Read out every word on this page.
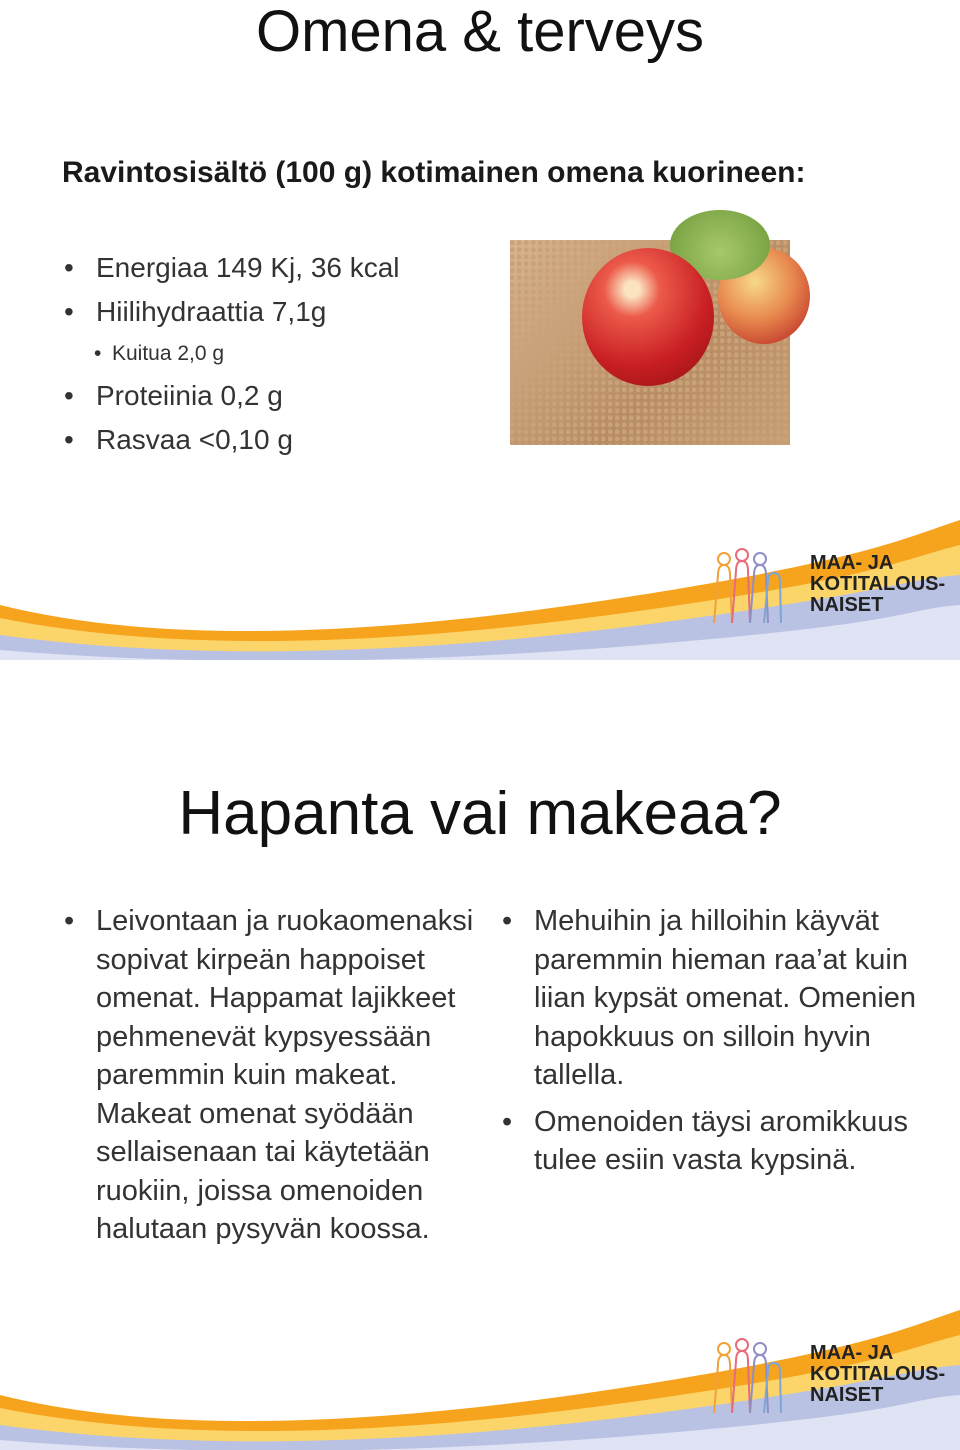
Omena & terveys
Ravintosisältö (100 g) kotimainen omena kuorineen:
• Energiaa 149 Kj, 36 kcal
• Hiilihydraattia 7,1g
• Kuitua 2,0 g
• Proteiinia 0,2 g
• Rasvaa <0,10 g
MAA- JA
KOTITALOUS-
NAISET
Hapanta vai makeaa?
• Leivontaan ja ruokaomenaksi sopivat kirpeän happoiset omenat. Happamat lajikkeet pehmenevät kypsyessään paremmin kuin makeat. Makeat omenat syödään sellaisenaan tai käytetään ruokiin, joissa omenoiden halutaan pysyvän koossa.
• Mehuihin ja hilloihin käyvät paremmin hieman raa’at kuin liian kypsät omenat. Omenien hapokkuus on silloin hyvin tallella.
• Omenoiden täysi aromikkuus tulee esiin vasta kypsinä.
MAA- JA
KOTITALOUS-
NAISET
